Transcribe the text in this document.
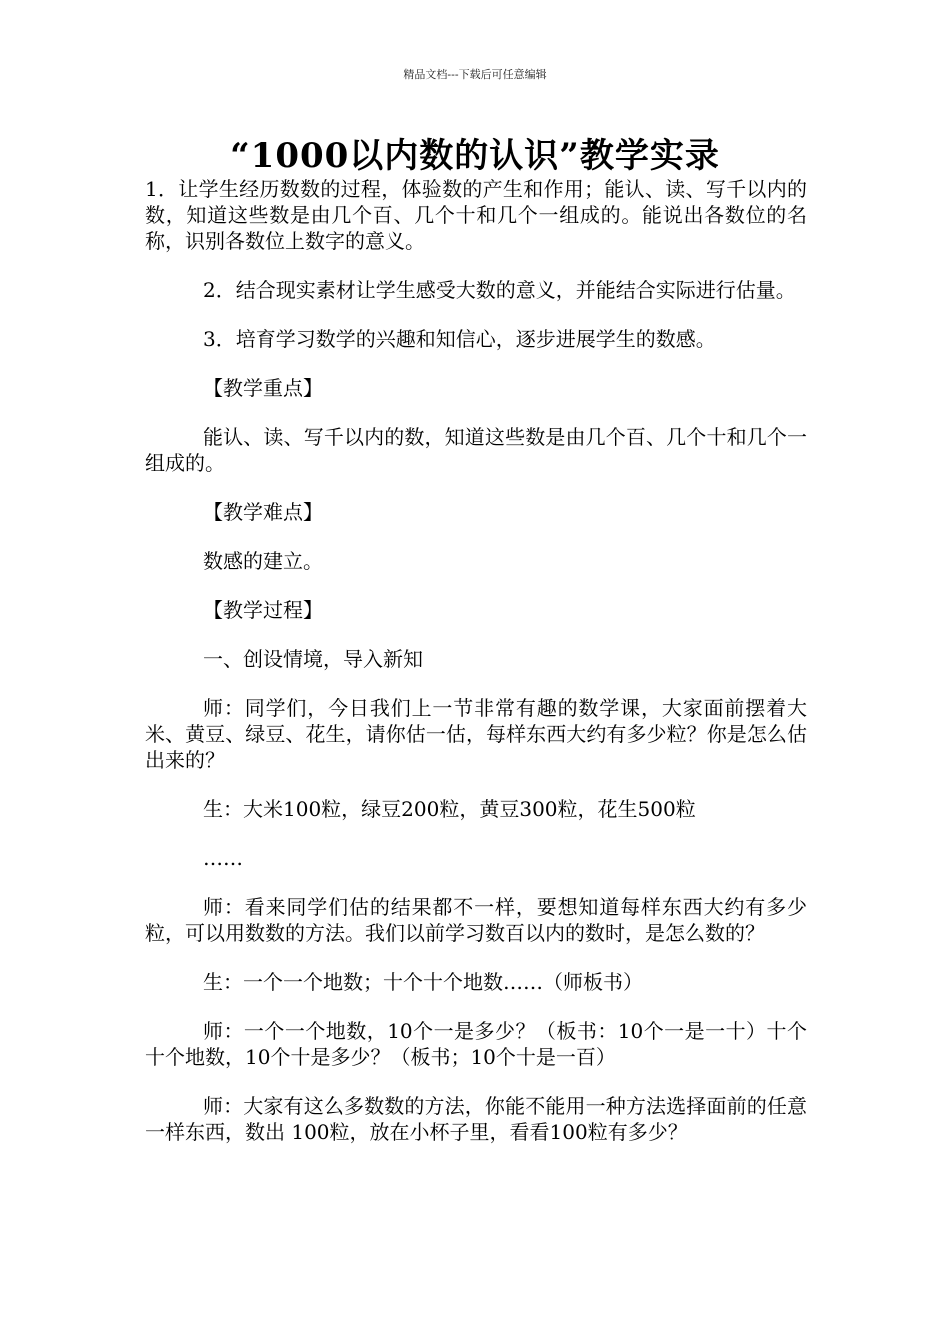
精品文档---下载后可任意编辑
“1000以内数的认识”教学实录

1．让学生经历数数的过程，体验数的产生和作用；能认、读、写千以内的数，知道这些数是由几个百、几个十和几个一组成的。能说出各数位的名称，识别各数位上数字的意义。

2．结合现实素材让学生感受大数的意义，并能结合实际进行估量。

3．培育学习数学的兴趣和知信心，逐步进展学生的数感。

【教学重点】

能认、读、写千以内的数，知道这些数是由几个百、几个十和几个一组成的。

【教学难点】

数感的建立。

【教学过程】

一、创设情境，导入新知

师：同学们，今日我们上一节非常有趣的数学课，大家面前摆着大米、黄豆、绿豆、花生，请你估一估，每样东西大约有多少粒？你是怎么估出来的？

生：大米100粒，绿豆200粒，黄豆300粒，花生500粒

……

师：看来同学们估的结果都不一样，要想知道每样东西大约有多少粒，可以用数数的方法。我们以前学习数百以内的数时，是怎么数的？

生：一个一个地数；十个十个地数……（师板书）

师：一个一个地数，10个一是多少？（板书：10个一是一十）十个十个地数，10个十是多少？（板书；10个十是一百）

师：大家有这么多数数的方法，你能不能用一种方法选择面前的任意一样东西，数出 100粒，放在小杯子里，看看100粒有多少？
